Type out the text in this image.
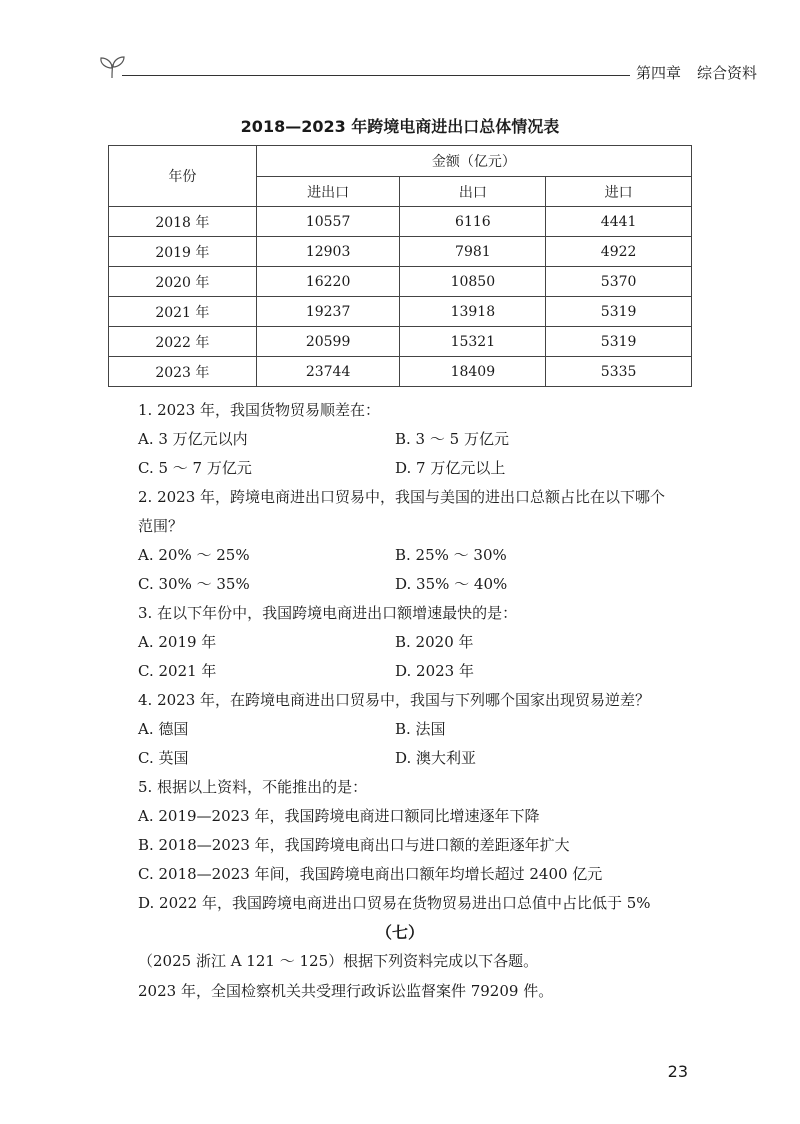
第四章 综合资料
2018—2023 年跨境电商进出口总体情况表
年份	金额（亿元）		
	进出口	出口	进口
2018 年	10557	6116	4441
2019 年	12903	7981	4922
2020 年	16220	10850	5370
2021 年	19237	13918	5319
2022 年	20599	15321	5319
2023 年	23744	18409	5335
1. 2023 年，我国货物贸易顺差在：
A. 3 万亿元以内	B. 3 ～ 5 万亿元
C. 5 ～ 7 万亿元	D. 7 万亿元以上
2. 2023 年，跨境电商进出口贸易中，我国与美国的进出口总额占比在以下哪个
范围？
A. 20% ～ 25%	B. 25% ～ 30%
C. 30% ～ 35%	D. 35% ～ 40%
3. 在以下年份中，我国跨境电商进出口额增速最快的是：
A. 2019 年	B. 2020 年
C. 2021 年	D. 2023 年
4. 2023 年，在跨境电商进出口贸易中，我国与下列哪个国家出现贸易逆差？
A. 德国	B. 法国
C. 英国	D. 澳大利亚
5. 根据以上资料，不能推出的是：
A. 2019—2023 年，我国跨境电商进口额同比增速逐年下降
B. 2018—2023 年，我国跨境电商出口与进口额的差距逐年扩大
C. 2018—2023 年间，我国跨境电商出口额年均增长超过 2400 亿元
D. 2022 年，我国跨境电商进出口贸易在货物贸易进出口总值中占比低于 5%
（七）
（2025 浙江 A 121 ～ 125）根据下列资料完成以下各题。
2023 年，全国检察机关共受理行政诉讼监督案件 79209 件。
23
